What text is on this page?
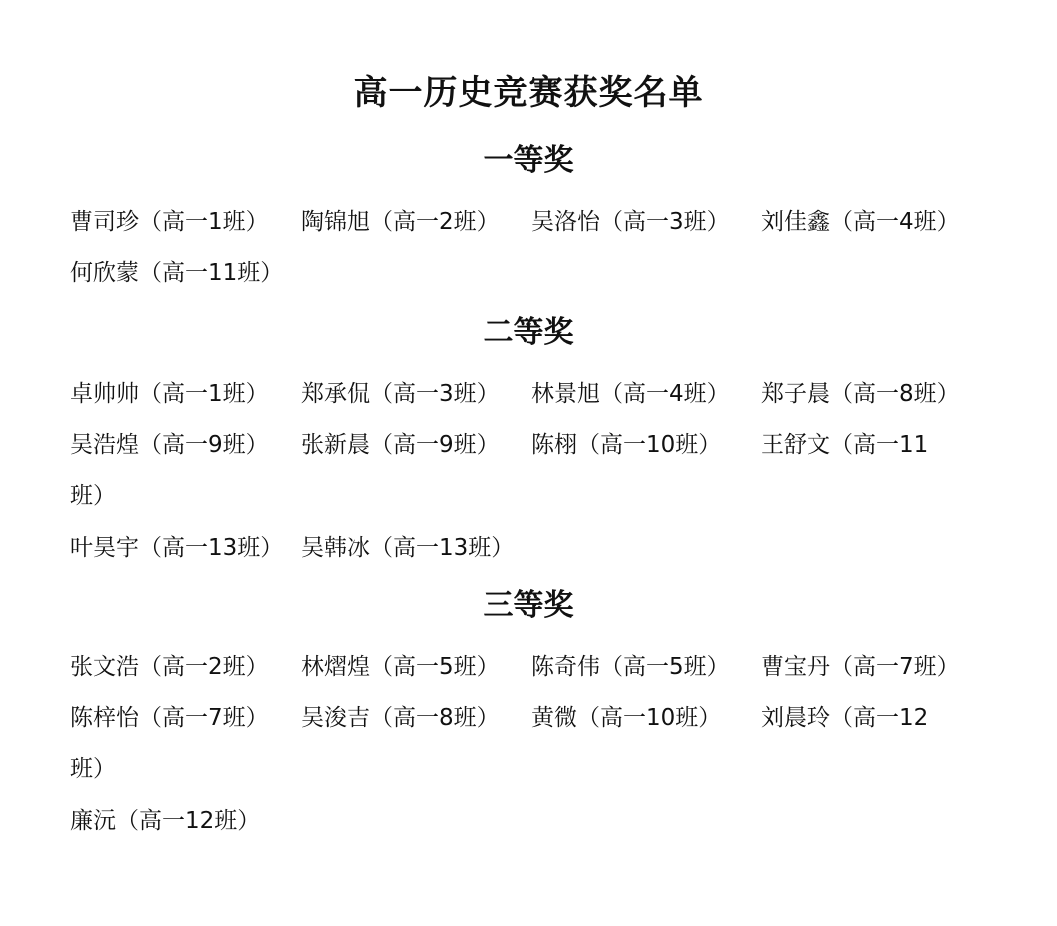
高一历史竞赛获奖名单
一等奖
曹司珍（高一1班） 陶锦旭（高一2班） 吴洛怡（高一3班） 刘佳鑫（高一4班）
何欣蒙（高一11班）
二等奖
卓帅帅（高一1班） 郑承侃（高一3班） 林景旭（高一4班） 郑子晨（高一8班）
吴浩煌（高一9班） 张新晨（高一9班） 陈栩（高一10班） 王舒文（高一11
班）
叶昊宇（高一13班） 吴韩冰（高一13班）
三等奖
张文浩（高一2班） 林熠煌（高一5班） 陈奇伟（高一5班） 曹宝丹（高一7班）
陈梓怡（高一7班） 吴浚吉（高一8班） 黄微（高一10班） 刘晨玲（高一12
班）
廉沅（高一12班）
